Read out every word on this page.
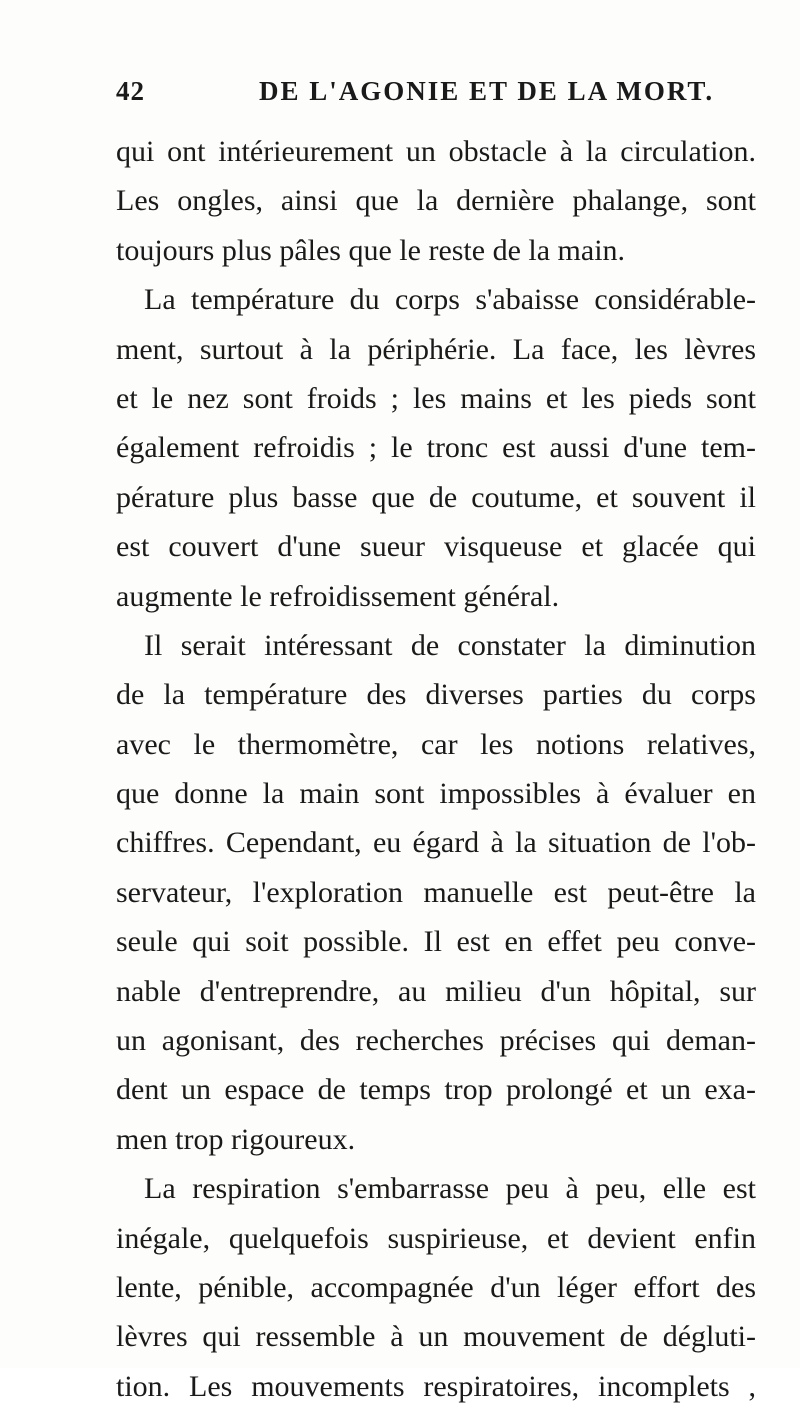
42	DE L'AGONIE ET DE LA MORT.
qui ont intérieurement un obstacle à la circulation.
Les ongles, ainsi que la dernière phalange, sont
toujours plus pâles que le reste de la main.
La température du corps s'abaisse considérable-
ment, surtout à la périphérie. La face, les lèvres
et le nez sont froids ; les mains et les pieds sont
également refroidis ; le tronc est aussi d'une tem-
pérature plus basse que de coutume, et souvent il
est couvert d'une sueur visqueuse et glacée qui
augmente le refroidissement général.
Il serait intéressant de constater la diminution
de la température des diverses parties du corps
avec le thermomètre, car les notions relatives,
que donne la main sont impossibles à évaluer en
chiffres. Cependant, eu égard à la situation de l'ob-
servateur, l'exploration manuelle est peut-être la
seule qui soit possible. Il est en effet peu conve-
nable d'entreprendre, au milieu d'un hôpital, sur
un agonisant, des recherches précises qui deman-
dent un espace de temps trop prolongé et un exa-
men trop rigoureux.
La respiration s'embarrasse peu à peu, elle est
inégale, quelquefois suspirieuse, et devient enfin
lente, pénible, accompagnée d'un léger effort des
lèvres qui ressemble à un mouvement de dégluti-
tion. Les mouvements respiratoires, incomplets ,
